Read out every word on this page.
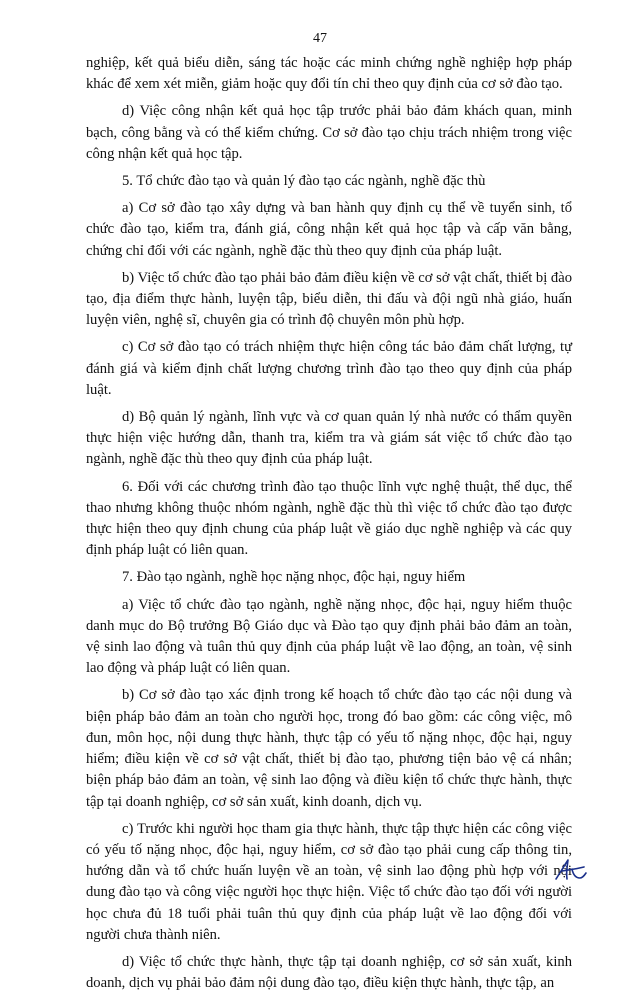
47

nghiệp, kết quả biểu diễn, sáng tác hoặc các minh chứng nghề nghiệp hợp pháp khác để xem xét miễn, giảm hoặc quy đổi tín chỉ theo quy định của cơ sở đào tạo.

d) Việc công nhận kết quả học tập trước phải bảo đảm khách quan, minh bạch, công bằng và có thể kiểm chứng. Cơ sở đào tạo chịu trách nhiệm trong việc công nhận kết quả học tập.

5. Tổ chức đào tạo và quản lý đào tạo các ngành, nghề đặc thù

a) Cơ sở đào tạo xây dựng và ban hành quy định cụ thể về tuyển sinh, tổ chức đào tạo, kiểm tra, đánh giá, công nhận kết quả học tập và cấp văn bằng, chứng chỉ đối với các ngành, nghề đặc thù theo quy định của pháp luật.

b) Việc tổ chức đào tạo phải bảo đảm điều kiện về cơ sở vật chất, thiết bị đào tạo, địa điểm thực hành, luyện tập, biểu diễn, thi đấu và đội ngũ nhà giáo, huấn luyện viên, nghệ sĩ, chuyên gia có trình độ chuyên môn phù hợp.

c) Cơ sở đào tạo có trách nhiệm thực hiện công tác bảo đảm chất lượng, tự đánh giá và kiểm định chất lượng chương trình đào tạo theo quy định của pháp luật.

d) Bộ quản lý ngành, lĩnh vực và cơ quan quản lý nhà nước có thẩm quyền thực hiện việc hướng dẫn, thanh tra, kiểm tra và giám sát việc tổ chức đào tạo ngành, nghề đặc thù theo quy định của pháp luật.

6. Đối với các chương trình đào tạo thuộc lĩnh vực nghệ thuật, thể dục, thể thao nhưng không thuộc nhóm ngành, nghề đặc thù thì việc tổ chức đào tạo được thực hiện theo quy định chung của pháp luật về giáo dục nghề nghiệp và các quy định pháp luật có liên quan.

7. Đào tạo ngành, nghề học nặng nhọc, độc hại, nguy hiểm

a) Việc tổ chức đào tạo ngành, nghề nặng nhọc, độc hại, nguy hiểm thuộc danh mục do Bộ trưởng Bộ Giáo dục và Đào tạo quy định phải bảo đảm an toàn, vệ sinh lao động và tuân thủ quy định của pháp luật về lao động, an toàn, vệ sinh lao động và pháp luật có liên quan.

b) Cơ sở đào tạo xác định trong kế hoạch tổ chức đào tạo các nội dung và biện pháp bảo đảm an toàn cho người học, trong đó bao gồm: các công việc, mô đun, môn học, nội dung thực hành, thực tập có yếu tố nặng nhọc, độc hại, nguy hiểm; điều kiện về cơ sở vật chất, thiết bị đào tạo, phương tiện bảo vệ cá nhân; biện pháp bảo đảm an toàn, vệ sinh lao động và điều kiện tổ chức thực hành, thực tập tại doanh nghiệp, cơ sở sản xuất, kinh doanh, dịch vụ.

c) Trước khi người học tham gia thực hành, thực tập thực hiện các công việc có yếu tố nặng nhọc, độc hại, nguy hiểm, cơ sở đào tạo phải cung cấp thông tin, hướng dẫn và tổ chức huấn luyện về an toàn, vệ sinh lao động phù hợp với nội dung đào tạo và công việc người học thực hiện. Việc tổ chức đào tạo đối với người học chưa đủ 18 tuổi phải tuân thủ quy định của pháp luật về lao động đối với người chưa thành niên.

d) Việc tổ chức thực hành, thực tập tại doanh nghiệp, cơ sở sản xuất, kinh doanh, dịch vụ phải bảo đảm nội dung đào tạo, điều kiện thực hành, thực tập, an
